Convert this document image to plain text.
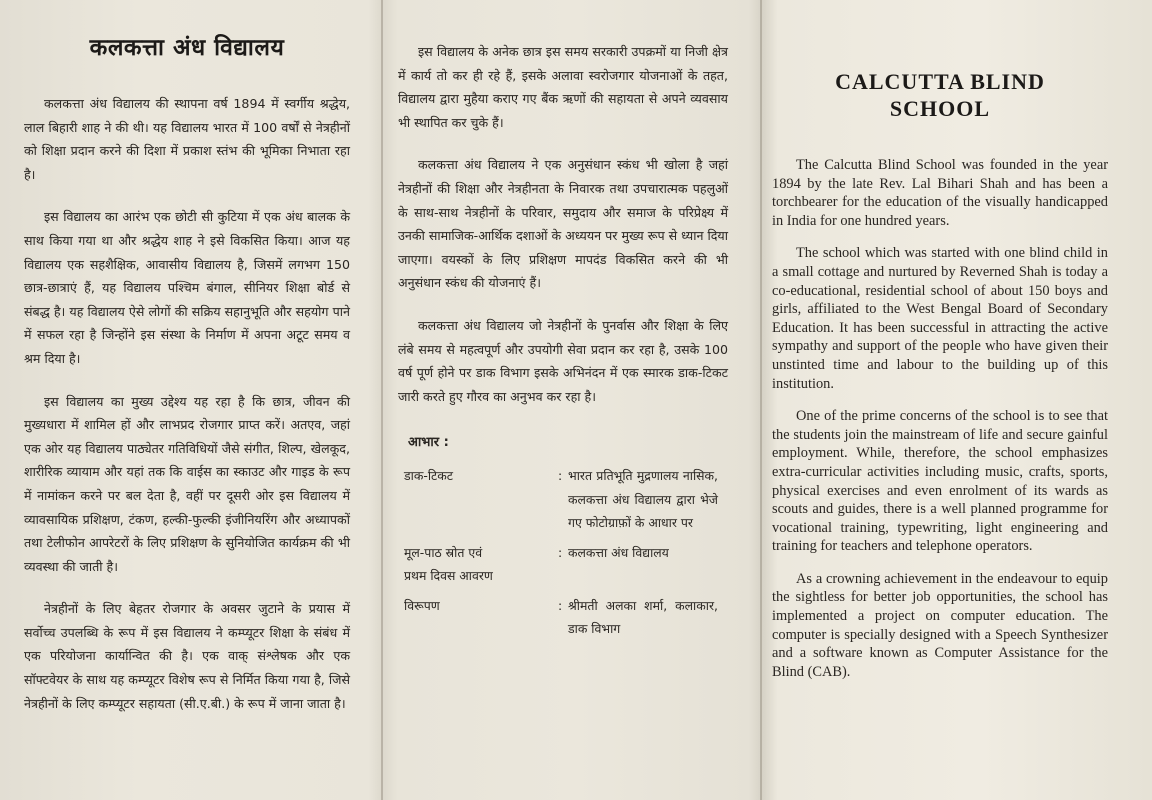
कलकत्ता अंध विद्यालय

कलकत्ता अंध विद्यालय की स्थापना वर्ष 1894 में स्वर्गीय श्रद्धेय, लाल बिहारी शाह ने की थी। यह विद्यालय भारत में 100 वर्षों से नेत्रहीनों को शिक्षा प्रदान करने की दिशा में प्रकाश स्तंभ की भूमिका निभाता रहा है।

इस विद्यालय का आरंभ एक छोटी सी कुटिया में एक अंध बालक के साथ किया गया था और श्रद्धेय शाह ने इसे विकसित किया। आज यह विद्यालय एक सहशैक्षिक, आवासीय विद्यालय है, जिसमें लगभग 150 छात्र-छात्राएं हैं, यह विद्यालय पश्चिम बंगाल, सीनियर शिक्षा बोर्ड से संबद्ध है। यह विद्यालय ऐसे लोगों की सक्रिय सहानुभूति और सहयोग पाने में सफल रहा है जिन्होंने इस संस्था के निर्माण में अपना अटूट समय व श्रम दिया है।

इस विद्यालय का मुख्य उद्देश्य यह रहा है कि छात्र, जीवन की मुख्यधारा में शामिल हों और लाभप्रद रोजगार प्राप्त करें। अतएव, जहां एक ओर यह विद्यालय पाठ्येतर गतिविधियों जैसे संगीत, शिल्प, खेलकूद, शारीरिक व्यायाम और यहां तक कि वाईस का स्काउट और गाइड के रूप में नामांकन करने पर बल देता है, वहीं पर दूसरी ओर इस विद्यालय में व्यावसायिक प्रशिक्षण, टंकण, हल्की-फुल्की इंजीनियरिंग और अध्यापकों तथा टेलीफोन आपरेटरों के लिए प्रशिक्षण के सुनियोजित कार्यक्रम की भी व्यवस्था की जाती है।

नेत्रहीनों के लिए बेहतर रोजगार के अवसर जुटाने के प्रयास में सर्वोच्च उपलब्धि के रूप में इस विद्यालय ने कम्प्यूटर शिक्षा के संबंध में एक परियोजना कार्यान्वित की है। एक वाक् संश्लेषक और एक सॉफ्टवेयर के साथ यह कम्प्यूटर विशेष रूप से निर्मित किया गया है, जिसे नेत्रहीनों के लिए कम्प्यूटर सहायता (सी.ए.बी.) के रूप में जाना जाता है।

इस विद्यालय के अनेक छात्र इस समय सरकारी उपक्रमों या निजी क्षेत्र में कार्य तो कर ही रहे हैं, इसके अलावा स्वरोजगार योजनाओं के तहत, विद्यालय द्वारा मुहैया कराए गए बैंक ऋणों की सहायता से अपने व्यवसाय भी स्थापित कर चुके हैं।

कलकत्ता अंध विद्यालय ने एक अनुसंधान स्कंध भी खोला है जहां नेत्रहीनों की शिक्षा और नेत्रहीनता के निवारक तथा उपचारात्मक पहलुओं के साथ-साथ नेत्रहीनों के परिवार, समुदाय और समाज के परिप्रेक्ष्य में उनकी सामाजिक-आर्थिक दशाओं के अध्ययन पर मुख्य रूप से ध्यान दिया जाएगा। वयस्कों के लिए प्रशिक्षण मापदंड विकसित करने की भी अनुसंधान स्कंध की योजनाएं हैं।

कलकत्ता अंध विद्यालय जो नेत्रहीनों के पुनर्वास और शिक्षा के लिए लंबे समय से महत्वपूर्ण और उपयोगी सेवा प्रदान कर रहा है, उसके 100 वर्ष पूर्ण होने पर डाक विभाग इसके अभिनंदन में एक स्मारक डाक-टिकट जारी करते हुए गौरव का अनुभव कर रहा है।

आभार :
डाक-टिकट	: भारत प्रतिभूति मुद्रणालय नासिक, कलकत्ता अंध विद्यालय द्वारा भेजे गए फोटोग्राफ़ों के आधार पर
मूल-पाठ स्रोत एवं
प्रथम दिवस आवरण
: कलकत्ता अंध विद्यालय
विरूपण	: श्रीमती अलका शर्मा, कलाकार, डाक विभाग
CALCUTTA BLIND
SCHOOL

The Calcutta Blind School was founded in the year 1894 by the late Rev. Lal Bihari Shah and has been a torchbearer for the education of the visually handicapped in India for one hundred years.

The school which was started with one blind child in a small cottage and nurtured by Reverned Shah is today a co-educational, residential school of about 150 boys and girls, affiliated to the West Bengal Board of Secondary Education. It has been successful in attracting the active sympathy and support of the people who have given their unstinted time and labour to the building up of this institution.

One of the prime concerns of the school is to see that the students join the mainstream of life and secure gainful employment. While, therefore, the school emphasizes extra-curricular activities including music, crafts, sports, physical exercises and even enrolment of its wards as scouts and guides, there is a well planned programme for vocational training, typewriting, light engineering and training for teachers and telephone operators.

As a crowning achievement in the endeavour to equip the sightless for better job opportunities, the school has implemented a project on computer education. The computer is specially designed with a Speech Synthesizer and a software known as Computer Assistance for the Blind (CAB).
